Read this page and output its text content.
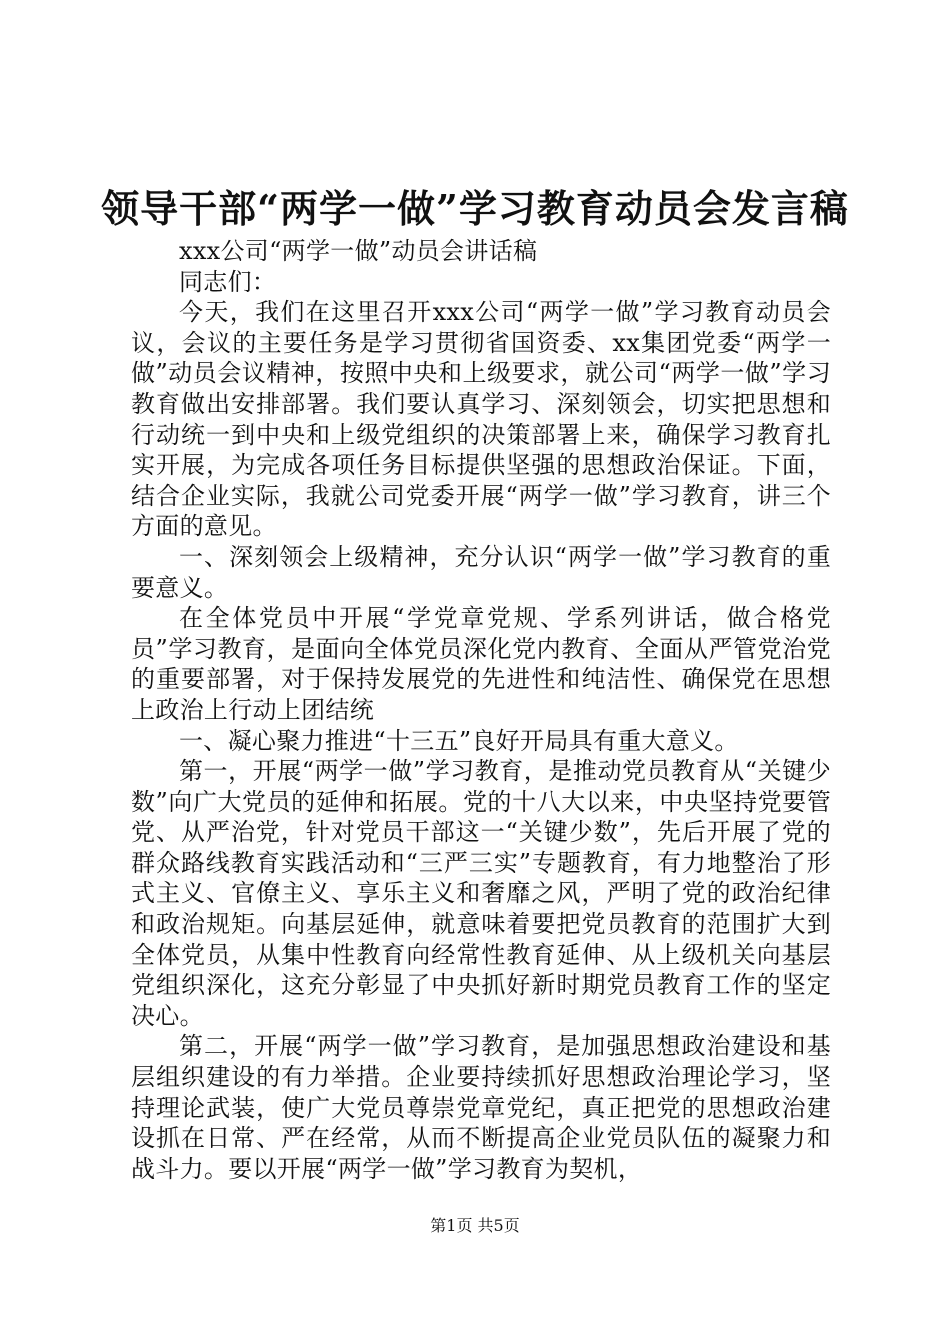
领导干部“两学一做”学习教育动员会发言稿

xxx公司“两学一做”动员会讲话稿

同志们：

今天，我们在这里召开xxx公司“两学一做”学习教育动员会议，会议的主要任务是学习贯彻省国资委、xx集团党委“两学一做”动员会议精神，按照中央和上级要求，就公司“两学一做”学习教育做出安排部署。我们要认真学习、深刻领会，切实把思想和行动统一到中央和上级党组织的决策部署上来，确保学习教育扎实开展，为完成各项任务目标提供坚强的思想政治保证。下面，结合企业实际，我就公司党委开展“两学一做”学习教育，讲三个方面的意见。

一、深刻领会上级精神，充分认识“两学一做”学习教育的重要意义。

在全体党员中开展“学党章党规、学系列讲话，做合格党员”学习教育，是面向全体党员深化党内教育、全面从严管党治党的重要部署，对于保持发展党的先进性和纯洁性、确保党在思想上政治上行动上团结统

一、凝心聚力推进“十三五”良好开局具有重大意义。

第一，开展“两学一做”学习教育，是推动党员教育从“关键少数”向广大党员的延伸和拓展。党的十八大以来，中央坚持党要管党、从严治党，针对党员干部这一“关键少数”，先后开展了党的群众路线教育实践活动和“三严三实”专题教育，有力地整治了形式主义、官僚主义、享乐主义和奢靡之风，严明了党的政治纪律和政治规矩。向基层延伸，就意味着要把党员教育的范围扩大到全体党员，从集中性教育向经常性教育延伸、从上级机关向基层党组织深化，这充分彰显了中央抓好新时期党员教育工作的坚定决心。

第二，开展“两学一做”学习教育，是加强思想政治建设和基层组织建设的有力举措。企业要持续抓好思想政治理论学习，坚持理论武装，使广大党员尊崇党章党纪，真正把党的思想政治建设抓在日常、严在经常，从而不断提高企业党员队伍的凝聚力和战斗力。要以开展“两学一做”学习教育为契机，

第1页 共5页
